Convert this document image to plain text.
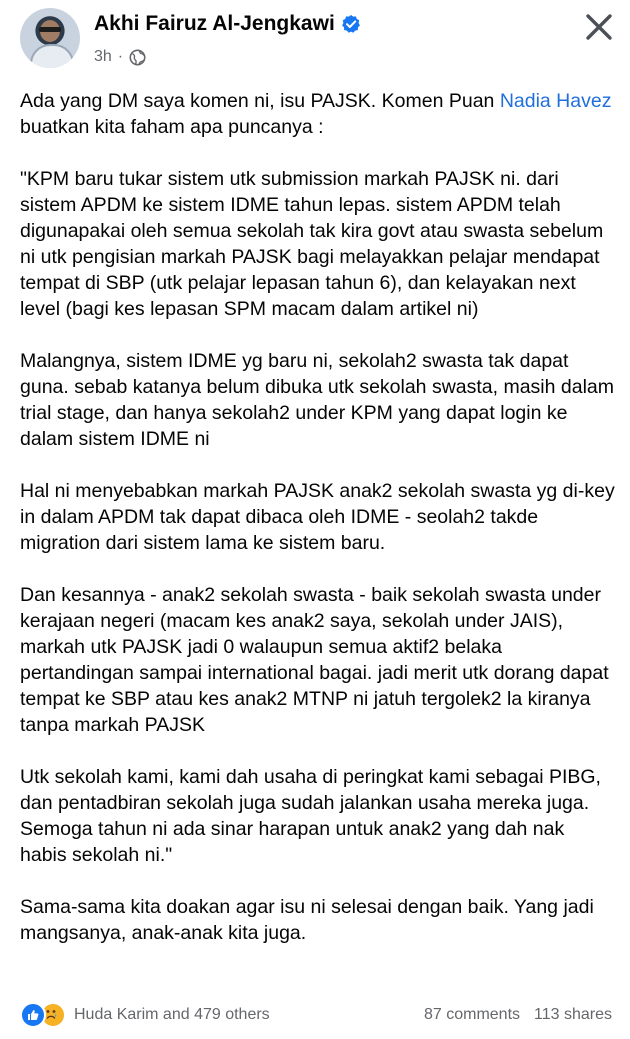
Akhi Fairuz Al-Jengkawi
3h ·

Ada yang DM saya komen ni, isu PAJSK. Komen Puan Nadia Havez buatkan kita faham apa puncanya :

"KPM baru tukar sistem utk submission markah PAJSK ni. dari sistem APDM ke sistem IDME tahun lepas. sistem APDM telah digunapakai oleh semua sekolah tak kira govt atau swasta sebelum ni utk pengisian markah PAJSK bagi melayakkan pelajar mendapat tempat di SBP (utk pelajar lepasan tahun 6), dan kelayakan next level (bagi kes lepasan SPM macam dalam artikel ni)

Malangnya, sistem IDME yg baru ni, sekolah2 swasta tak dapat guna. sebab katanya belum dibuka utk sekolah swasta, masih dalam trial stage, dan hanya sekolah2 under KPM yang dapat login ke dalam sistem IDME ni

Hal ni menyebabkan markah PAJSK anak2 sekolah swasta yg di-key in dalam APDM tak dapat dibaca oleh IDME - seolah2 takde migration dari sistem lama ke sistem baru.

Dan kesannya - anak2 sekolah swasta - baik sekolah swasta under kerajaan negeri (macam kes anak2 saya, sekolah under JAIS), markah utk PAJSK jadi 0 walaupun semua aktif2 belaka pertandingan sampai international bagai. jadi merit utk dorang dapat tempat ke SBP atau kes anak2 MTNP ni jatuh tergolek2 la kiranya tanpa markah PAJSK

Utk sekolah kami, kami dah usaha di peringkat kami sebagai PIBG, dan pentadbiran sekolah juga sudah jalankan usaha mereka juga. Semoga tahun ni ada sinar harapan untuk anak2 yang dah nak habis sekolah ni."

Sama-sama kita doakan agar isu ni selesai dengan baik. Yang jadi mangsanya, anak-anak kita juga.

Huda Karim and 479 others	87 comments 113 shares
